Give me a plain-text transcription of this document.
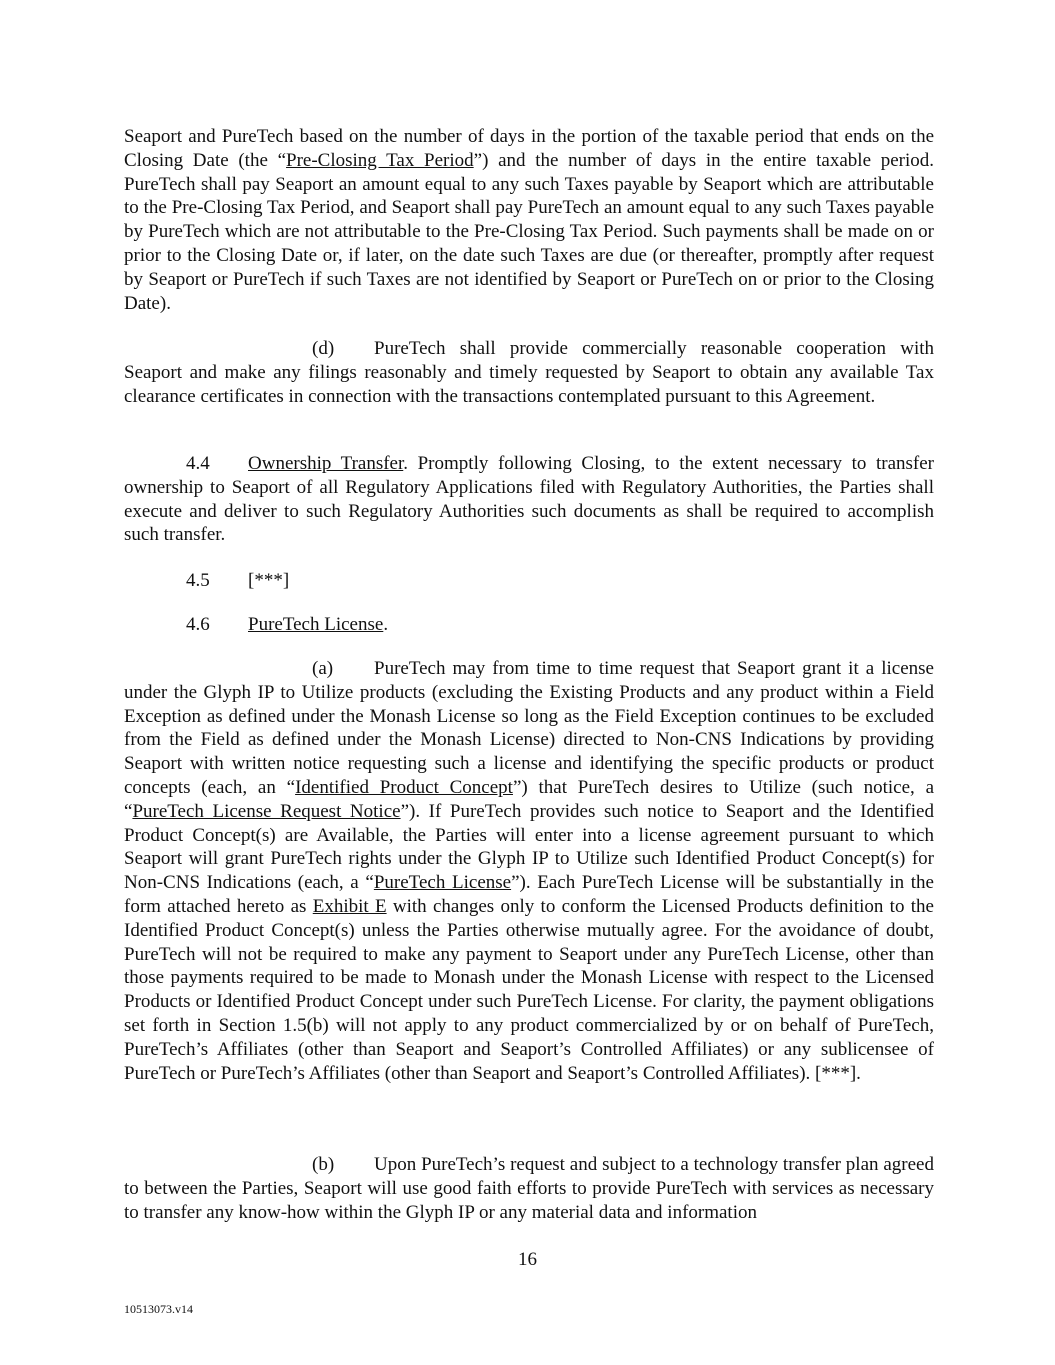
Seaport and PureTech based on the number of days in the portion of the taxable period that ends on the Closing Date (the “Pre-Closing Tax Period”) and the number of days in the entire taxable period. PureTech shall pay Seaport an amount equal to any such Taxes payable by Seaport which are attributable to the Pre-Closing Tax Period, and Seaport shall pay PureTech an amount equal to any such Taxes payable by PureTech which are not attributable to the Pre-Closing Tax Period. Such payments shall be made on or prior to the Closing Date or, if later, on the date such Taxes are due (or thereafter, promptly after request by Seaport or PureTech if such Taxes are not identified by Seaport or PureTech on or prior to the Closing Date).

(d) PureTech shall provide commercially reasonable cooperation with Seaport and make any filings reasonably and timely requested by Seaport to obtain any available Tax clearance certificates in connection with the transactions contemplated pursuant to this Agreement.

4.4 Ownership Transfer. Promptly following Closing, to the extent necessary to transfer ownership to Seaport of all Regulatory Applications filed with Regulatory Authorities, the Parties shall execute and deliver to such Regulatory Authorities such documents as shall be required to accomplish such transfer.

4.5 [***]

4.6 PureTech License.

(a) PureTech may from time to time request that Seaport grant it a license under the Glyph IP to Utilize products (excluding the Existing Products and any product within a Field Exception as defined under the Monash License so long as the Field Exception continues to be excluded from the Field as defined under the Monash License) directed to Non-CNS Indications by providing Seaport with written notice requesting such a license and identifying the specific products or product concepts (each, an “Identified Product Concept”) that PureTech desires to Utilize (such notice, a “PureTech License Request Notice”). If PureTech provides such notice to Seaport and the Identified Product Concept(s) are Available, the Parties will enter into a license agreement pursuant to which Seaport will grant PureTech rights under the Glyph IP to Utilize such Identified Product Concept(s) for Non-CNS Indications (each, a “PureTech License”). Each PureTech License will be substantially in the form attached hereto as Exhibit E with changes only to conform the Licensed Products definition to the Identified Product Concept(s) unless the Parties otherwise mutually agree. For the avoidance of doubt, PureTech will not be required to make any payment to Seaport under any PureTech License, other than those payments required to be made to Monash under the Monash License with respect to the Licensed Products or Identified Product Concept under such PureTech License. For clarity, the payment obligations set forth in Section 1.5(b) will not apply to any product commercialized by or on behalf of PureTech, PureTech’s Affiliates (other than Seaport and Seaport’s Controlled Affiliates) or any sublicensee of PureTech or PureTech’s Affiliates (other than Seaport and Seaport’s Controlled Affiliates). [***].

(b) Upon PureTech’s request and subject to a technology transfer plan agreed to between the Parties, Seaport will use good faith efforts to provide PureTech with services as necessary to transfer any know-how within the Glyph IP or any material data and information

16
10513073.v14
